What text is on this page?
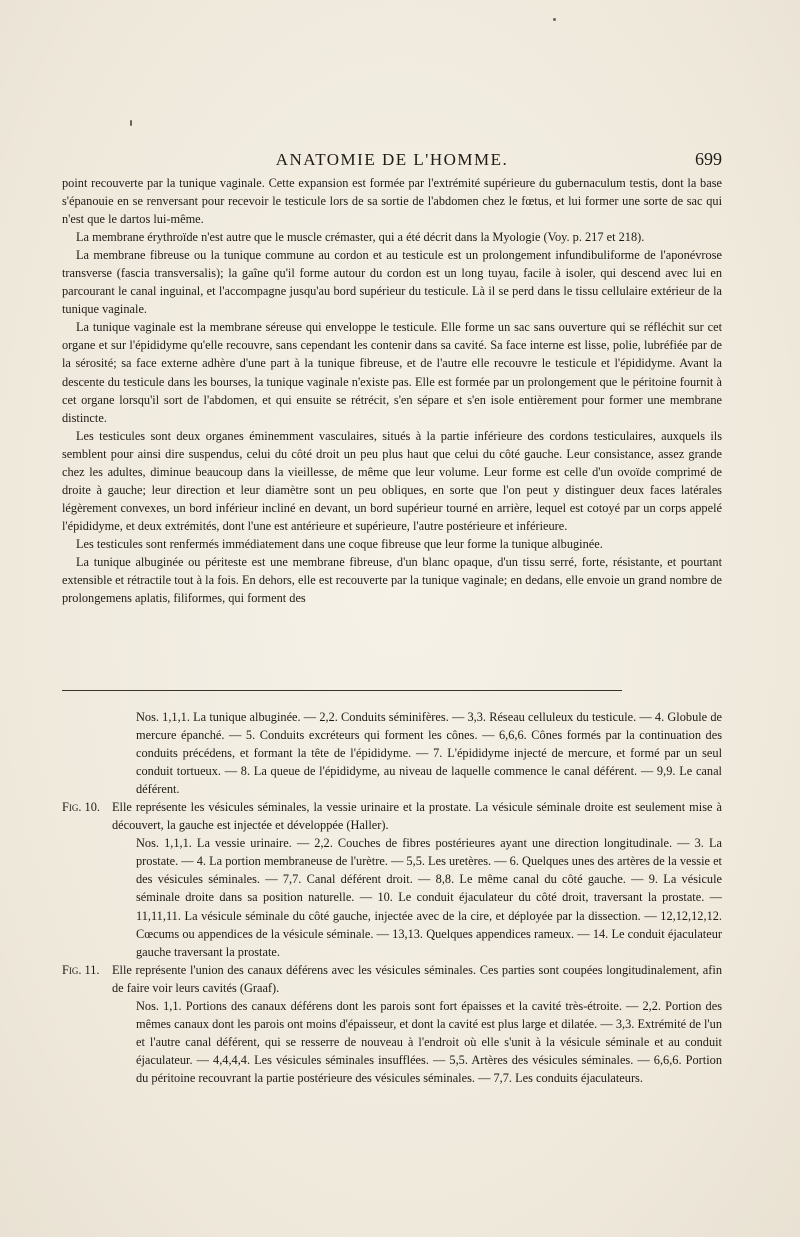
ANATOMIE DE L'HOMME.	699

point recouverte par la tunique vaginale. Cette expansion est formée par l'extrémité supérieure du gubernaculum testis, dont la base s'épanouie en se renversant pour recevoir le testicule lors de sa sortie de l'abdomen chez le fœtus, et lui former une sorte de sac qui n'est que le dartos lui-même.

La membrane érythroïde n'est autre que le muscle crémaster, qui a été décrit dans la Myologie (Voy. p. 217 et 218).

La membrane fibreuse ou la tunique commune au cordon et au testicule est un prolongement infundibuliforme de l'aponévrose transverse (fascia transversalis); la gaîne qu'il forme autour du cordon est un long tuyau, facile à isoler, qui descend avec lui en parcourant le canal inguinal, et l'accompagne jusqu'au bord supérieur du testicule. Là il se perd dans le tissu cellulaire extérieur de la tunique vaginale.

La tunique vaginale est la membrane séreuse qui enveloppe le testicule. Elle forme un sac sans ouverture qui se réfléchit sur cet organe et sur l'épididyme qu'elle recouvre, sans cependant les contenir dans sa cavité. Sa face interne est lisse, polie, lubréfiée par de la sérosité; sa face externe adhère d'une part à la tunique fibreuse, et de l'autre elle recouvre le testicule et l'épididyme. Avant la descente du testicule dans les bourses, la tunique vaginale n'existe pas. Elle est formée par un prolongement que le péritoine fournit à cet organe lorsqu'il sort de l'abdomen, et qui ensuite se rétrécit, s'en sépare et s'en isole entièrement pour former une membrane distincte.

Les testicules sont deux organes éminemment vasculaires, situés à la partie inférieure des cordons testiculaires, auxquels ils semblent pour ainsi dire suspendus, celui du côté droit un peu plus haut que celui du côté gauche. Leur consistance, assez grande chez les adultes, diminue beaucoup dans la vieillesse, de même que leur volume. Leur forme est celle d'un ovoïde comprimé de droite à gauche; leur direction et leur diamètre sont un peu obliques, en sorte que l'on peut y distinguer deux faces latérales légèrement convexes, un bord inférieur incliné en devant, un bord supérieur tourné en arrière, lequel est cotoyé par un corps appelé l'épididyme, et deux extrémités, dont l'une est antérieure et supérieure, l'autre postérieure et inférieure.

Les testicules sont renfermés immédiatement dans une coque fibreuse que leur forme la tunique albuginée.

La tunique albuginée ou périteste est une membrane fibreuse, d'un blanc opaque, d'un tissu serré, forte, résistante, et pourtant extensible et rétractile tout à la fois. En dehors, elle est recouverte par la tunique vaginale; en dedans, elle envoie un grand nombre de prolongemens aplatis, filiformes, qui forment des

Nos. 1,1,1. La tunique albuginée. — 2,2. Conduits séminifères. — 3,3. Réseau celluleux du testicule. — 4. Globule de mercure épanché. — 5. Conduits excréteurs qui forment les cônes. — 6,6,6. Cônes formés par la continuation des conduits précédens, et formant la tête de l'épididyme. — 7. L'épididyme injecté de mercure, et formé par un seul conduit tortueux. — 8. La queue de l'épididyme, au niveau de laquelle commence le canal déférent. — 9,9. Le canal déférent.

Fig. 10. Elle représente les vésicules séminales, la vessie urinaire et la prostate. La vésicule séminale droite est seulement mise à découvert, la gauche est injectée et développée (Haller).

Nos. 1,1,1. La vessie urinaire. — 2,2. Couches de fibres postérieures ayant une direction longitudinale. — 3. La prostate. — 4. La portion membraneuse de l'urètre. — 5,5. Les uretères. — 6. Quelques unes des artères de la vessie et des vésicules séminales. — 7,7. Canal déférent droit. — 8,8. Le même canal du côté gauche. — 9. La vésicule séminale droite dans sa position naturelle. — 10. Le conduit éjaculateur du côté droit, traversant la prostate. — 11,11,11. La vésicule séminale du côté gauche, injectée avec de la cire, et déployée par la dissection. — 12,12,12,12. Cœcums ou appendices de la vésicule séminale. — 13,13. Quelques appendices rameux. — 14. Le conduit éjaculateur gauche traversant la prostate.

Fig. 11. Elle représente l'union des canaux déférens avec les vésicules séminales. Ces parties sont coupées longitudinalement, afin de faire voir leurs cavités (Graaf).

Nos. 1,1. Portions des canaux déférens dont les parois sont fort épaisses et la cavité très-étroite. — 2,2. Portion des mêmes canaux dont les parois ont moins d'épaisseur, et dont la cavité est plus large et dilatée. — 3,3. Extrémité de l'un et l'autre canal déférent, qui se resserre de nouveau à l'endroit où elle s'unit à la vésicule séminale et au conduit éjaculateur. — 4,4,4,4. Les vésicules séminales insufflées. — 5,5. Artères des vésicules séminales. — 6,6,6. Portion du péritoine recouvrant la partie postérieure des vésicules séminales. — 7,7. Les conduits éjaculateurs.
